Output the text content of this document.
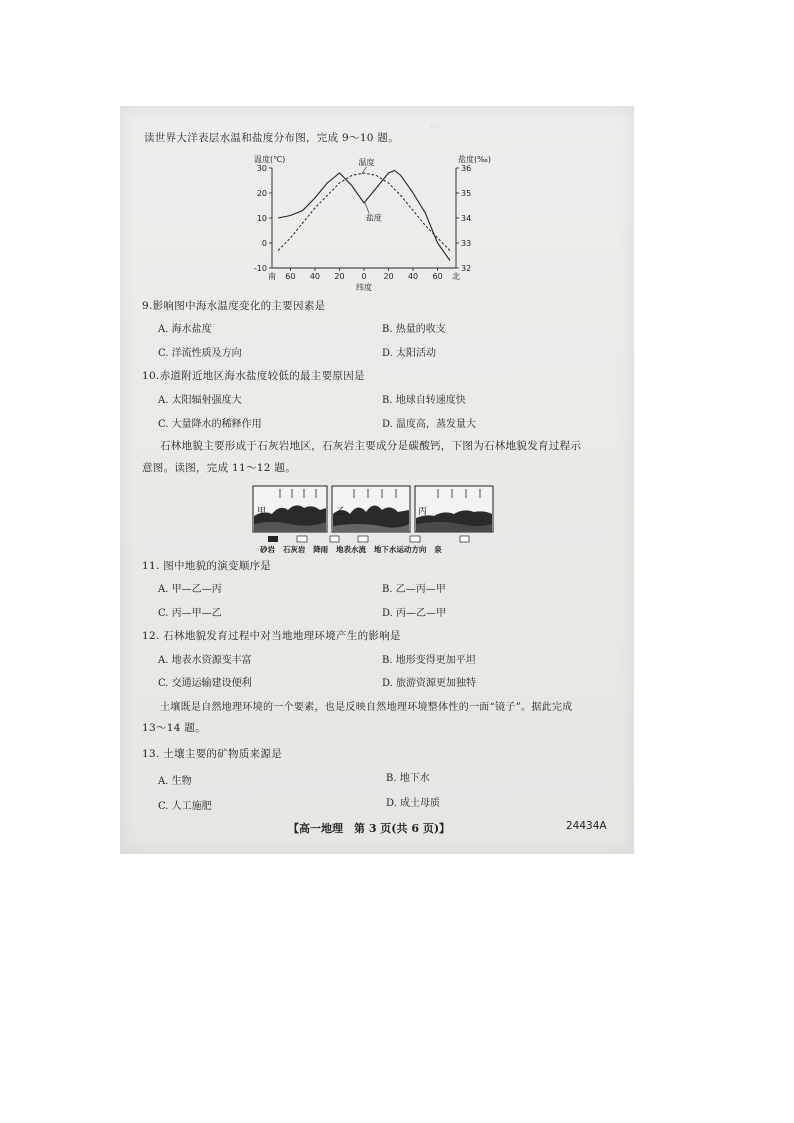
…
读世界大洋表层水温和盐度分布图，完成 9～10 题。
30
20
10
0
-10
36
35
34
33
32
南 60 40 20 0 20 40 60 北
温度(℃)	盐度(‰)
纬度
温度
盐度
9.影响图中海水温度变化的主要因素是
A. 海水盐度	B. 热量的收支
C. 洋流性质及方向	D. 太阳活动
10.赤道附近地区海水盐度较低的最主要原因是
A. 太阳辐射强度大	B. 地球自转速度快
C. 大量降水的稀释作用	D. 温度高，蒸发量大
石林地貌主要形成于石灰岩地区，石灰岩主要成分是碳酸钙，下图为石林地貌发育过程示
意图。读图，完成 11～12 题。
甲	乙	丙
砂岩 石灰岩 降雨 地表水流 地下水运动方向 泉
11. 图中地貌的演变顺序是
A. 甲—乙—丙	B. 乙—丙—甲
C. 丙—甲—乙	D. 丙—乙—甲
12. 石林地貌发育过程中对当地地理环境产生的影响是
A. 地表水资源变丰富	B. 地形变得更加平坦
C. 交通运输建设便利	D. 旅游资源更加独特
土壤既是自然地理环境的一个要素，也是反映自然地理环境整体性的一面“镜子”。据此完成
13～14 题。
13. 土壤主要的矿物质来源是
A. 生物	B. 地下水
C. 人工施肥	D. 成土母质
【高一地理　第 3 页(共 6 页)】	24434A
